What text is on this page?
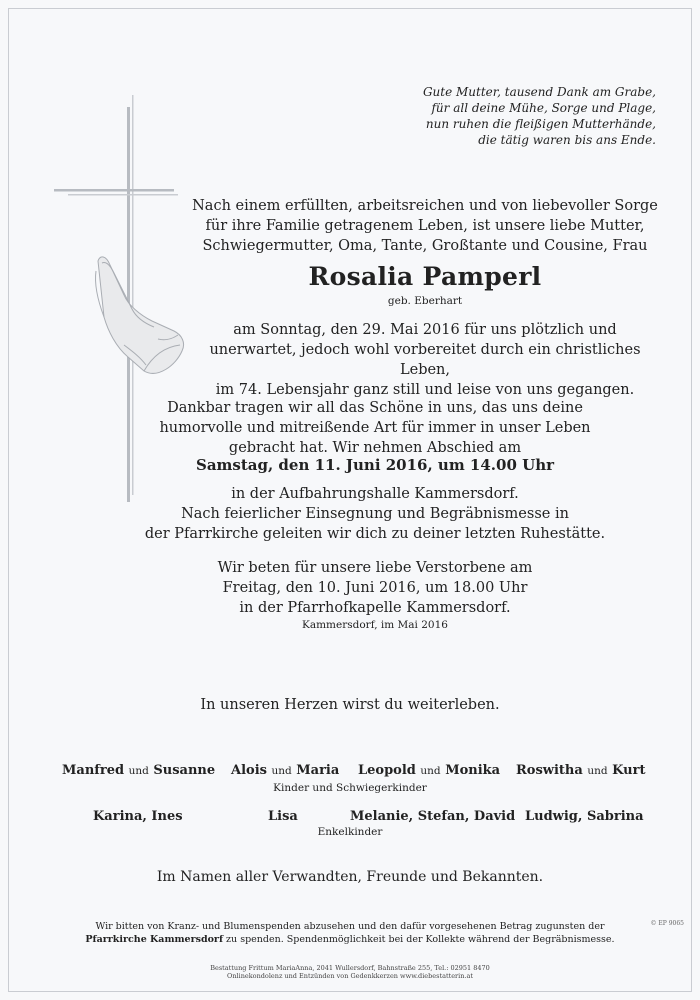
Gute Mutter, tausend Dank am Grabe,
für all deine Mühe, Sorge und Plage,
nun ruhen die fleißigen Mutterhände,
die tätig waren bis ans Ende.
Nach einem erfüllten, arbeitsreichen und von liebevoller Sorge
für ihre Familie getragenem Leben, ist unsere liebe Mutter,
Schwiegermutter, Oma, Tante, Großtante und Cousine, Frau
Rosalia Pamperl
geb. Eberhart
am Sonntag, den 29. Mai 2016 für uns plötzlich und
unerwartet, jedoch wohl vorbereitet durch ein christliches Leben,
im 74. Lebensjahr ganz still und leise von uns gegangen.
Dankbar tragen wir all das Schöne in uns, das uns deine
humorvolle und mitreißende Art für immer in unser Leben
gebracht hat. Wir nehmen Abschied am
Samstag, den 11. Juni 2016, um 14.00 Uhr
in der Aufbahrungshalle Kammersdorf.
Nach feierlicher Einsegnung und Begräbnismesse in
der Pfarrkirche geleiten wir dich zu deiner letzten Ruhestätte.
Wir beten für unsere liebe Verstorbene am
Freitag, den 10. Juni 2016, um 18.00 Uhr
in der Pfarrhofkapelle Kammersdorf.
Kammersdorf, im Mai 2016
In unseren Herzen wirst du weiterleben.
Manfred und Susanne Alois und Maria Leopold und Monika Roswitha und Kurt
Kinder und Schwiegerkinder
Karina, Ines	Lisa	Melanie, Stefan, David Ludwig, Sabrina
Enkelkinder
Im Namen aller Verwandten, Freunde und Bekannten.
Wir bitten von Kranz- und Blumenspenden abzusehen und den dafür vorgesehenen Betrag zugunsten der
Pfarrkirche Kammersdorf zu spenden. Spendenmöglichkeit bei der Kollekte während der Begräbnismesse.
Bestattung Frittum MariaAnna, 2041 Wullersdorf, Bahnstraße 255, Tel.: 02951 8470
Onlinekondolenz und Entzünden von Gedenkkerzen www.diebestatterin.at
© EP 9065
